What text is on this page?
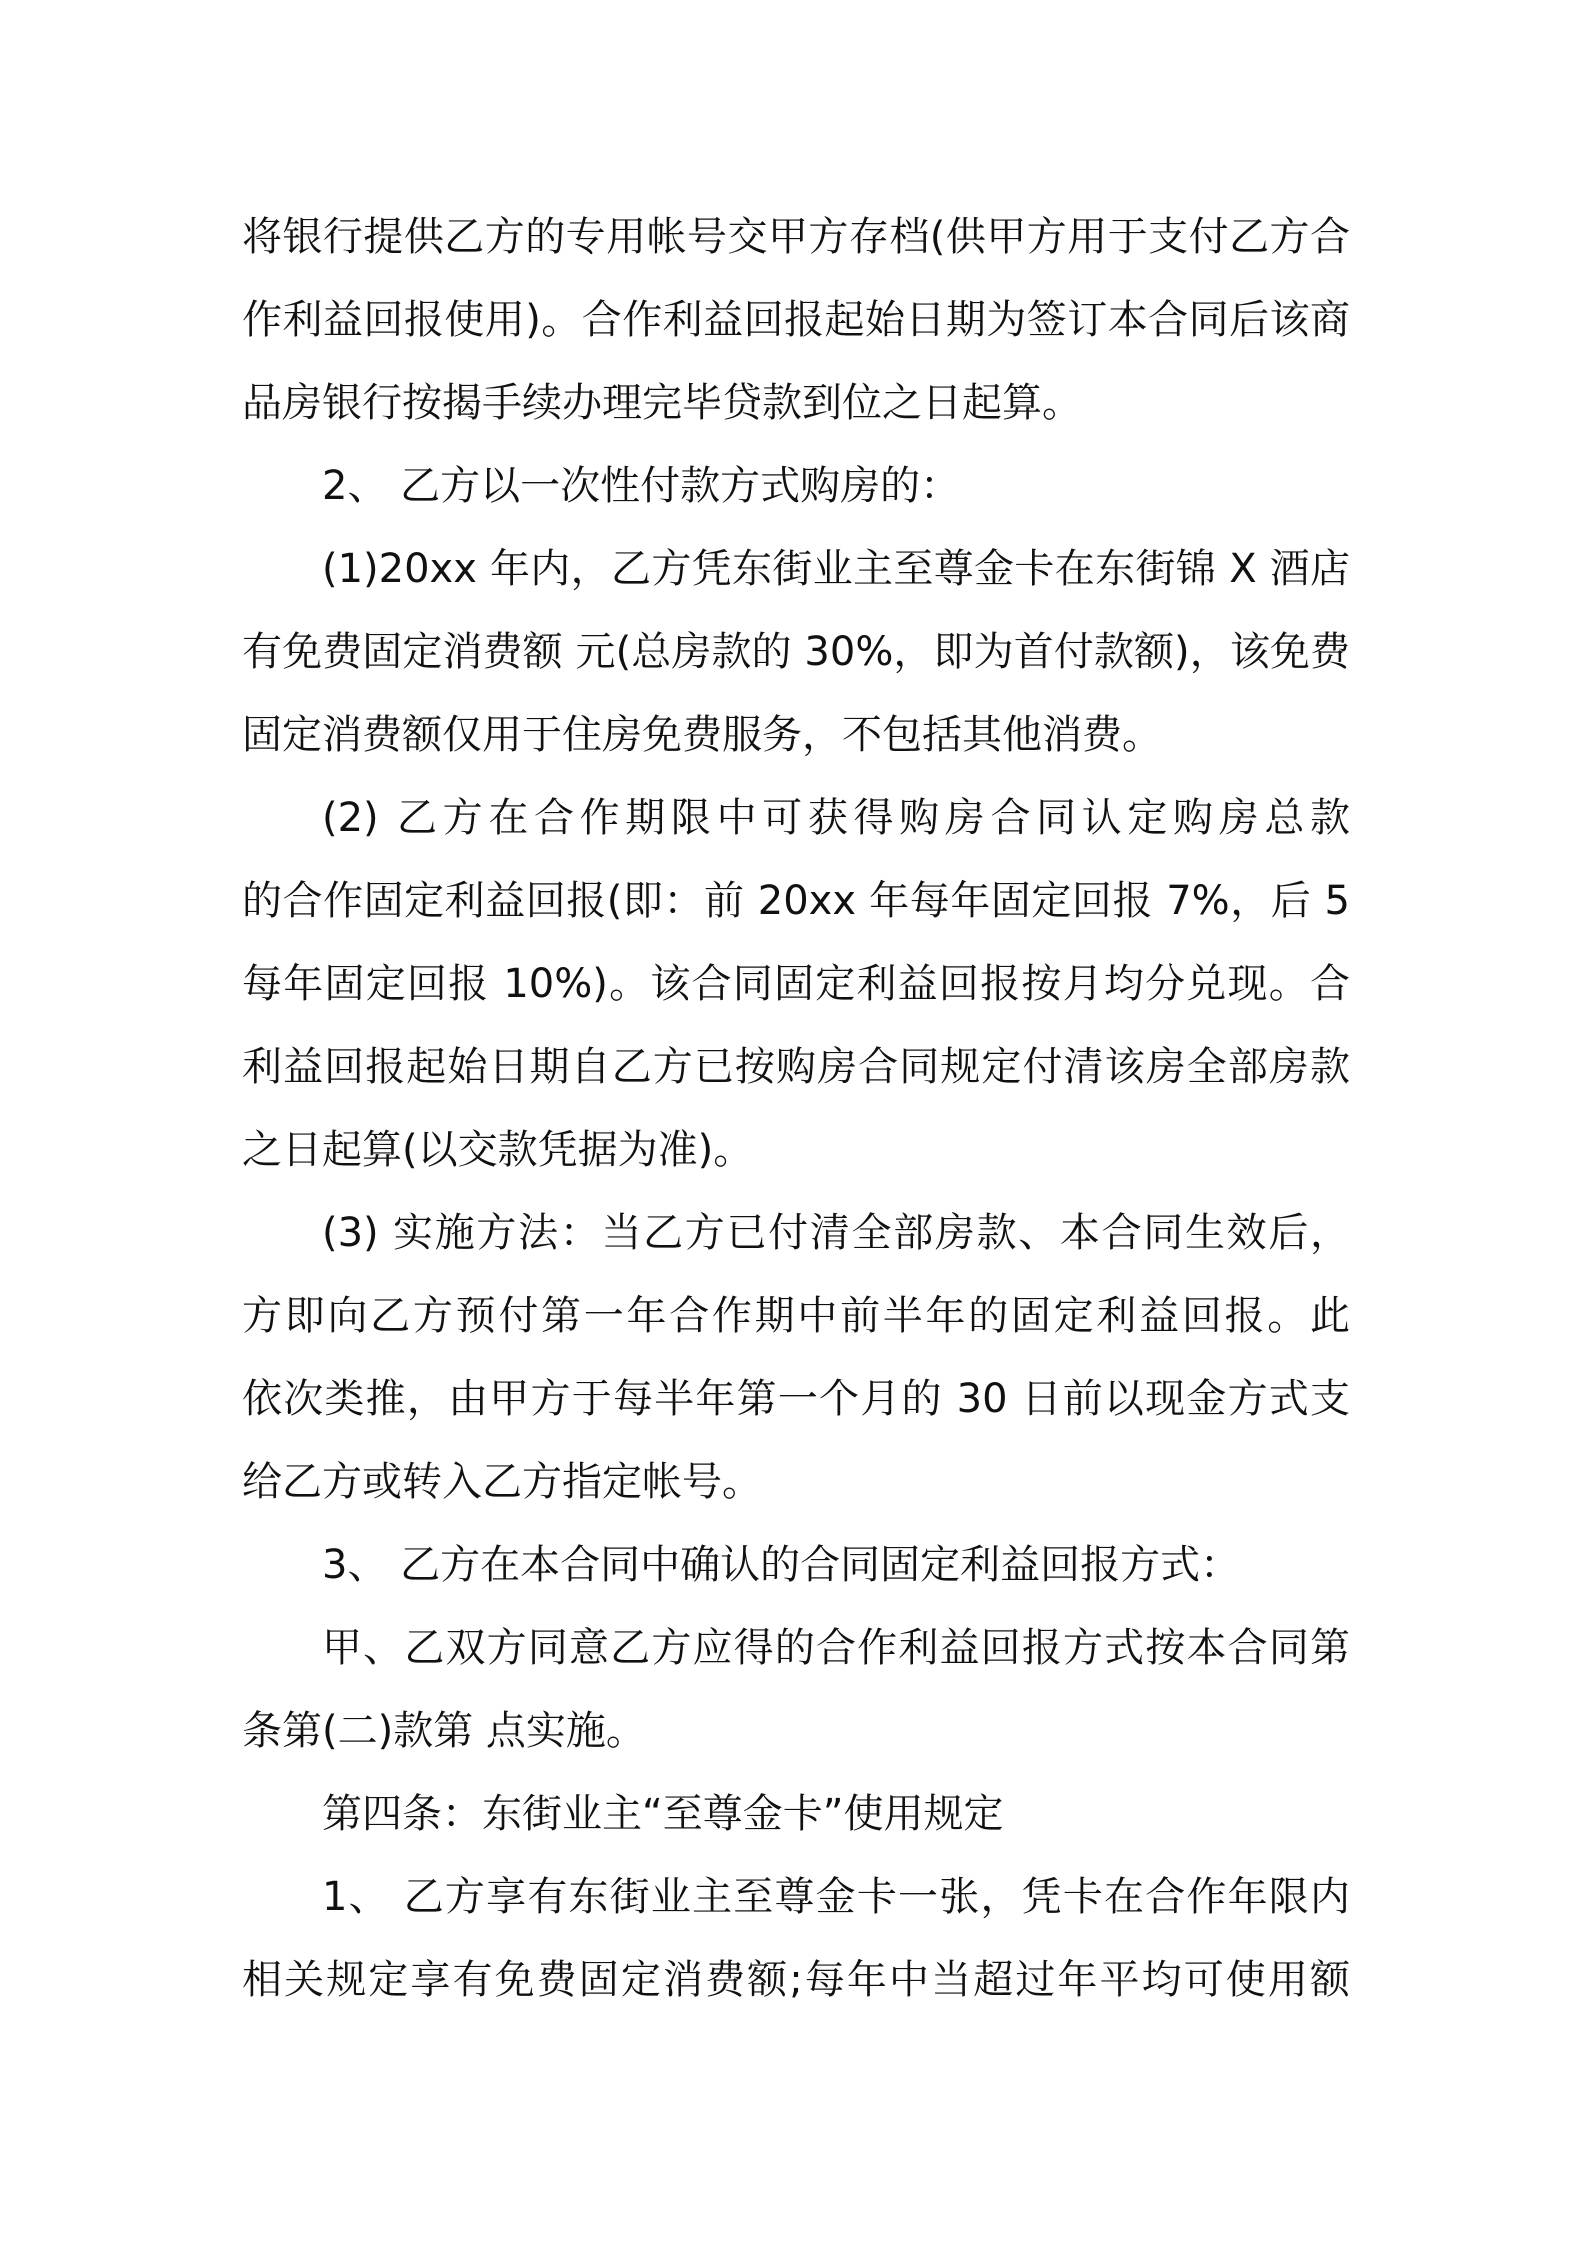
将银行提供乙方的专用帐号交甲方存档(供甲方用于支付乙方合
作利益回报使用)。合作利益回报起始日期为签订本合同后该商
品房银行按揭手续办理完毕贷款到位之日起算。
2、 乙方以一次性付款方式购房的：
(1)20xx 年内，乙方凭东街业主至尊金卡在东街锦 X 酒店
有免费固定消费额 元(总房款的 30%，即为首付款额)，该免费
固定消费额仅用于住房免费服务，不包括其他消费。
(2) 乙方在合作期限中可获得购房合同认定购房总款
的合作固定利益回报(即：前 20xx 年每年固定回报 7%，后 5
每年固定回报 10%)。该合同固定利益回报按月均分兑现。合
利益回报起始日期自乙方已按购房合同规定付清该房全部房款
之日起算(以交款凭据为准)。
(3) 实施方法：当乙方已付清全部房款、本合同生效后，
方即向乙方预付第一年合作期中前半年的固定利益回报。此
依次类推，由甲方于每半年第一个月的 30 日前以现金方式支
给乙方或转入乙方指定帐号。
3、 乙方在本合同中确认的合同固定利益回报方式：
甲、乙双方同意乙方应得的合作利益回报方式按本合同第
条第(二)款第 点实施。
第四条：东街业主“至尊金卡”使用规定
1、 乙方享有东街业主至尊金卡一张，凭卡在合作年限内
相关规定享有免费固定消费额;每年中当超过年平均可使用额
